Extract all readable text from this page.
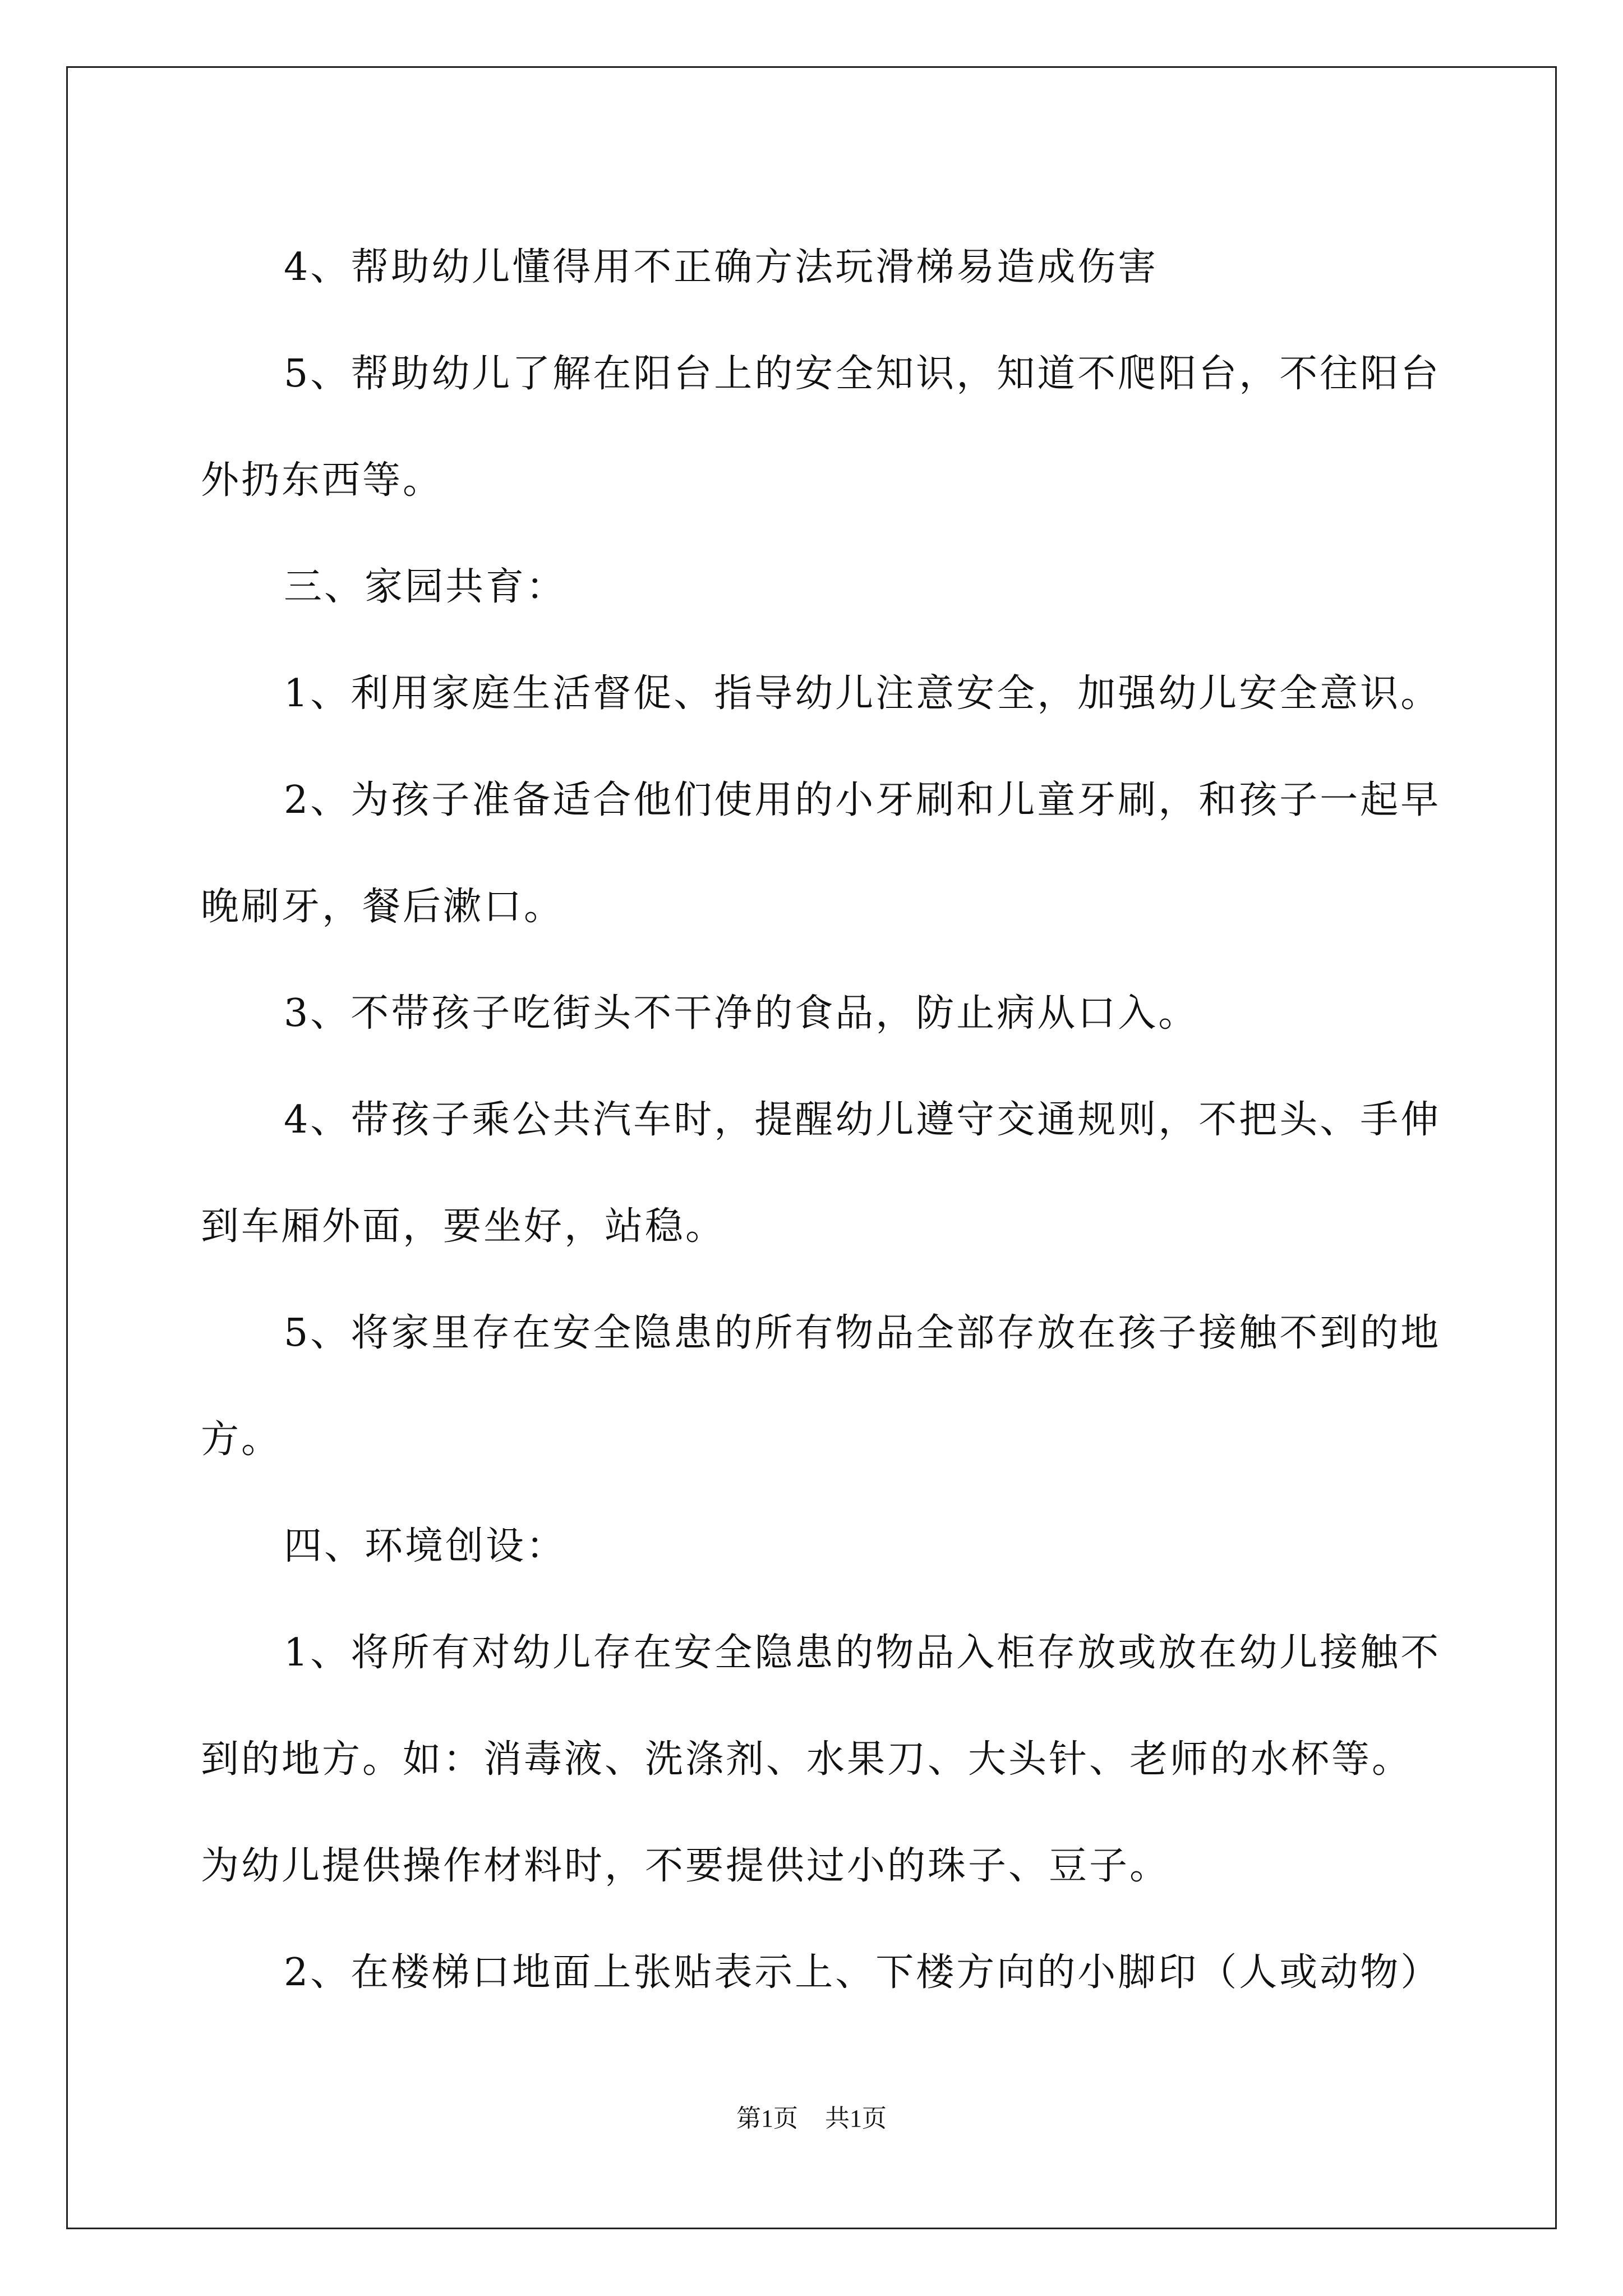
4、帮助幼儿懂得用不正确方法玩滑梯易造成伤害

5、帮助幼儿了解在阳台上的安全知识，知道不爬阳台，不往阳台

外扔东西等。

三、家园共育：

1、利用家庭生活督促、指导幼儿注意安全，加强幼儿安全意识。

2、为孩子准备适合他们使用的小牙刷和儿童牙刷，和孩子一起早

晚刷牙，餐后漱口。

3、不带孩子吃街头不干净的食品，防止病从口入。

4、带孩子乘公共汽车时，提醒幼儿遵守交通规则，不把头、手伸

到车厢外面，要坐好，站稳。

5、将家里存在安全隐患的所有物品全部存放在孩子接触不到的地

方。

四、环境创设：

1、将所有对幼儿存在安全隐患的物品入柜存放或放在幼儿接触不

到的地方。如：消毒液、洗涤剂、水果刀、大头针、老师的水杯等。

为幼儿提供操作材料时，不要提供过小的珠子、豆子。

2、在楼梯口地面上张贴表示上、下楼方向的小脚印（人或动物）

第1页 共1页
